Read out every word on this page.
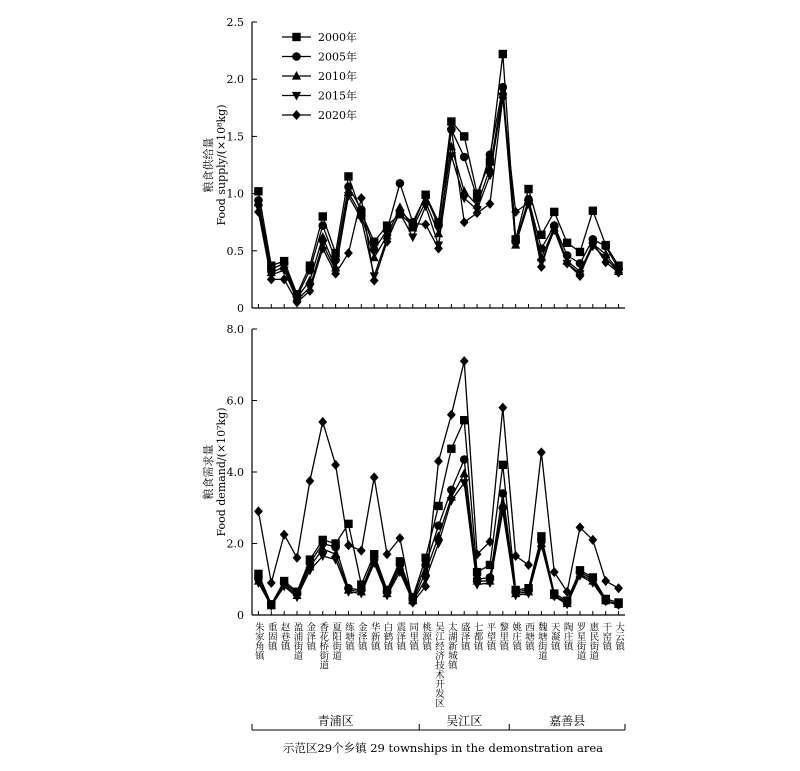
0
0.5
1.0
1.5
2.0
2.5
粮食供给量 Food supply/(×10⁸kg)
0
2.0
4.0
6.0
8.0
粮食需求量 Food demand/(×10⁷kg)
2000年
2005年
2010年
2015年
2020年
朱家角镇 重固镇 赵巷镇 盈浦街道 金泽镇 香花桥街道 夏阳街道 练塘镇 金泽镇 华新镇 白鹤镇 震泽镇 同里镇 桃源镇 吴江经济技术开发区 太湖新城镇 盛泽镇 七都镇 平望镇 黎里镇 姚庄镇 西塘镇 魏塘街道 天凝镇 陶庄镇 罗星街道 惠民街道 干窑镇 大云镇
青浦区	吴江区	嘉善县
示范区29个乡镇 29 townships in the demonstration area
